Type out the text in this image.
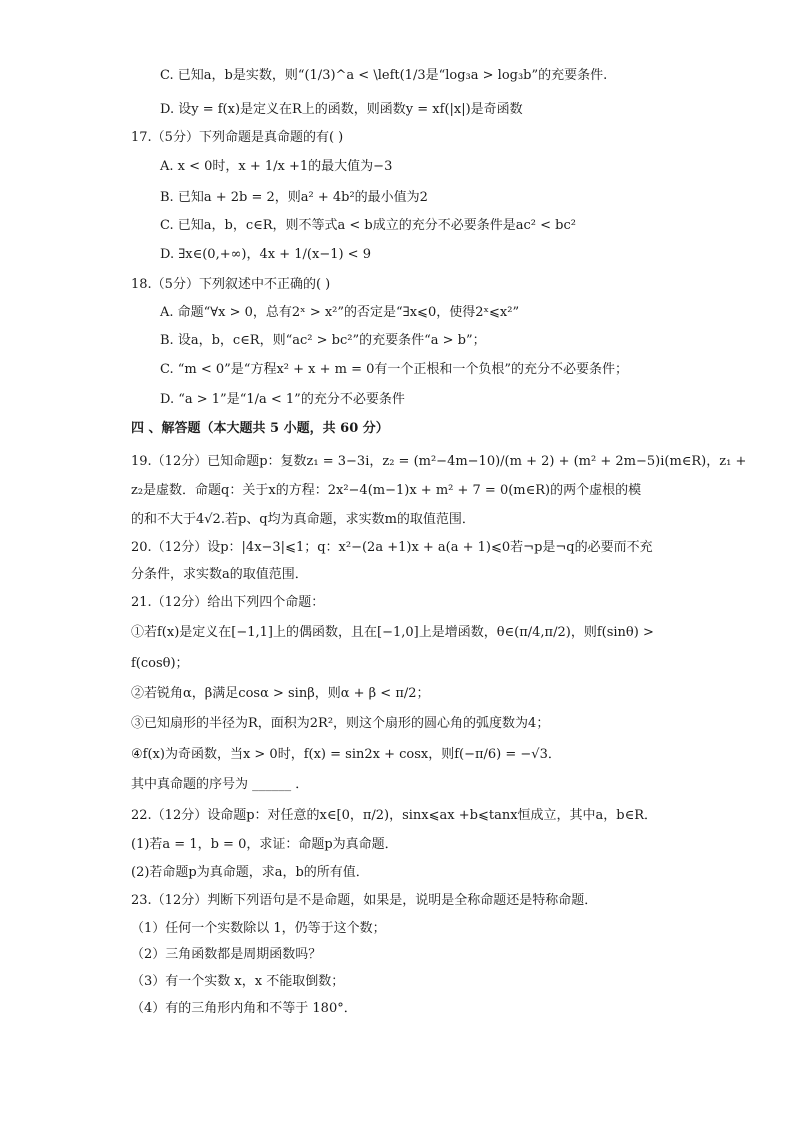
C. 已知a，b是实数，则“(1/3)^a < \left(1/3是“log₃a > log₃b”的充要条件.
D. 设y = f(x)是定义在R上的函数，则函数y = xf(|x|)是奇函数
17.（5分）下列命题是真命题的有( )
A. x < 0时，x + 1/x +1的最大值为−3
B. 已知a + 2b = 2，则a² + 4b²的最小值为2
C. 已知a，b，c∈R，则不等式a < b成立的充分不必要条件是ac² < bc²
D. ∃x∈(0,+∞)，4x + 1/(x−1) < 9
18.（5分）下列叙述中不正确的( )
A. 命题“∀x > 0，总有2ˣ > x²”的否定是“∃x⩽0，使得2ˣ⩽x²”
B. 设a，b，c∈R，则“ac² > bc²”的充要条件“a > b”；
C. “m < 0”是“方程x² + x + m = 0有一个正根和一个负根”的充分不必要条件；
D. “a > 1”是“1/a < 1”的充分不必要条件
四 、解答题（本大题共 5 小题，共 60 分）
19.（12分）已知命题p：复数z₁ = 3−3i，z₂ = (m²−4m−10)/(m + 2) + (m² + 2m−5)i(m∈R)，z₁ +
z₂是虚数．命题q：关于x的方程：2x²−4(m−1)x + m² + 7 = 0(m∈R)的两个虚根的模
的和不大于4√2.若p、q均为真命题，求实数m的取值范围．
20.（12分）设p：|4x−3|⩽1；q：x²−(2a +1)x + a(a + 1)⩽0若¬p是¬q的必要而不充
分条件，求实数a的取值范围．
21.（12分）给出下列四个命题：
①若f(x)是定义在[−1,1]上的偶函数，且在[−1,0]上是增函数，θ∈(π/4,π/2)，则f(sinθ) >
f(cosθ)；
②若锐角α，β满足cosα > sinβ，则α + β < π/2；
③已知扇形的半径为R，面积为2R²，则这个扇形的圆心角的弧度数为4；
④f(x)为奇函数，当x > 0时，f(x) = sin2x + cosx，则f(−π/6) = −√3．
其中真命题的序号为 ______ ．
22.（12分）设命题p：对任意的x∈[0，π/2)，sinx⩽ax +b⩽tanx恒成立，其中a，b∈R．
(1)若a = 1，b = 0，求证：命题p为真命题．
(2)若命题p为真命题，求a，b的所有值．
23.（12分）判断下列语句是不是命题，如果是，说明是全称命题还是特称命题．
（1）任何一个实数除以 1，仍等于这个数；
（2）三角函数都是周期函数吗？
（3）有一个实数 x，x 不能取倒数；
（4）有的三角形内角和不等于 180°．
